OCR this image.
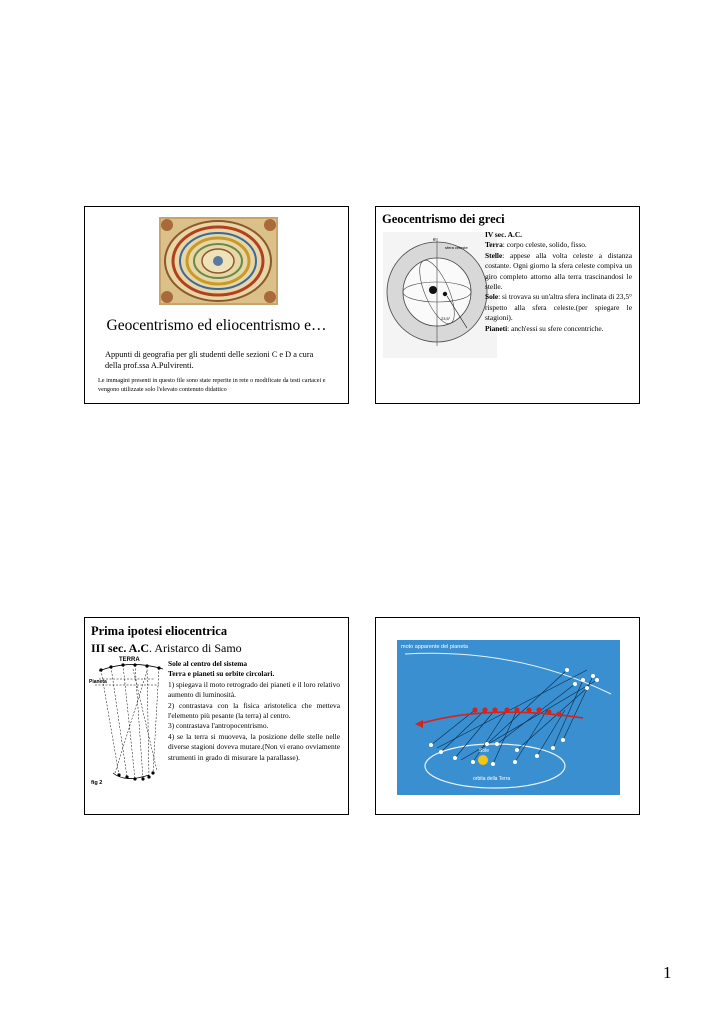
Geocentrismo ed eliocentrismo e…
Appunti di geografia per gli studenti delle sezioni C e D a cura della prof.ssa A.Pulvirenti.
Le immagini presenti in questo file sono state reperite in rete o modificate da testi cartacei e vengono utilizzate solo l'elevato contenuto didattico
Geocentrismo dei greci
e
sfera celeste
23,5°

IV sec. A.C.

Terra: corpo celeste, solido, fisso.

Stelle: appese alla volta celeste a distanza costante. Ogni giorno la sfera celeste compiva un giro completo attorno alla terra trascinandosi le stelle.

Sole: si trovava su un'altra sfera inclinata di 23,5° rispetto alla sfera celeste.(per spiegare le stagioni).

Pianeti: anch'essi su sfere concentriche.

Prima ipotesi eliocentrica
III sec. A.C. Aristarco di Samo
TERRA
Pianeta
fig 2

Sole al centro del sistema

Terra e pianeti su orbite circolari.

1) spiegava il moto retrogrado dei pianeti e il loro relativo aumento di luminosità.

2) contrastava con la fisica aristotelica che metteva l'elemento più pesante (la terra) al centro.

3) contrastava l'antropocentrismo.

4) se la terra si muoveva, la posizione delle stelle nelle diverse stagioni doveva mutare.(Non vi erano ovviamente strumenti in grado di misurare la parallasse).

moto apparente del pianeta
Sole
orbita della Terra
1
